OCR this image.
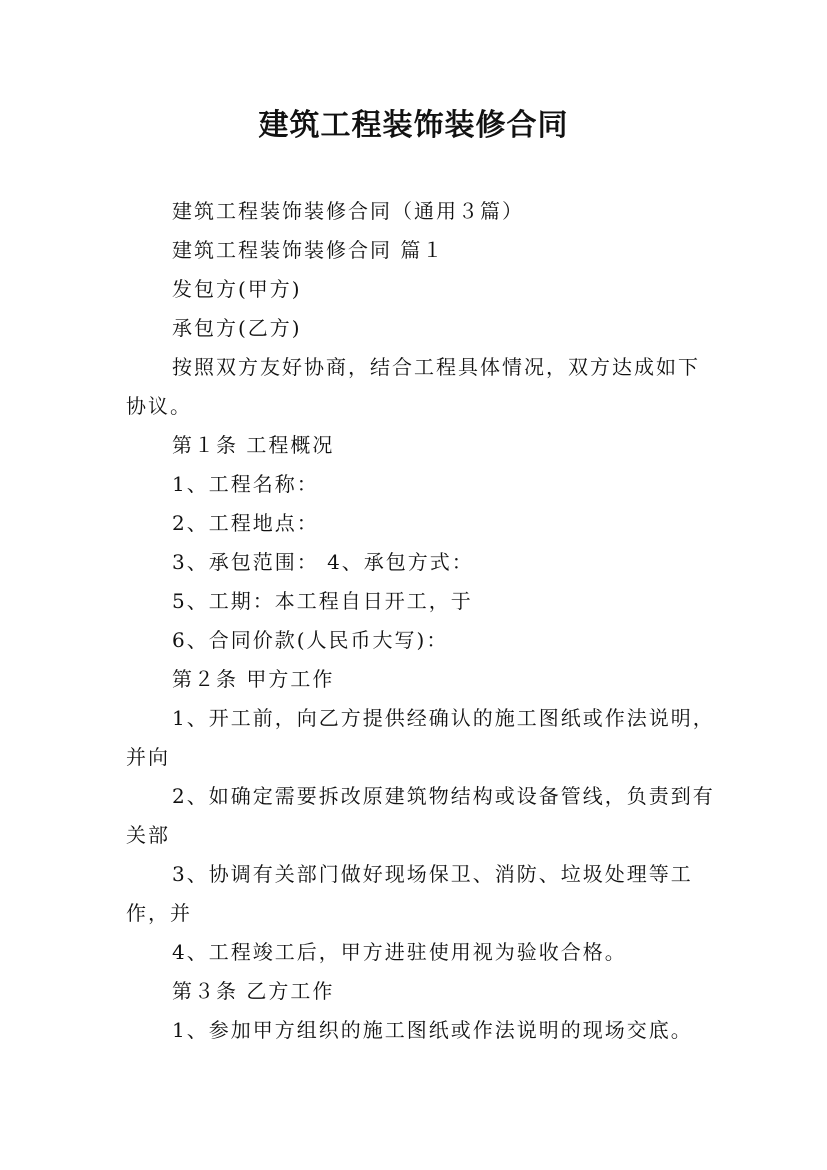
建筑工程装饰装修合同

建筑工程装饰装修合同（通用３篇）

建筑工程装饰装修合同 篇１

发包方(甲方)

承包方(乙方)

按照双方友好协商，结合工程具体情况，双方达成如下协议。

第１条 工程概况

1、工程名称：

2、工程地点：

3、承包范围： 4、承包方式：

5、工期：本工程自日开工，于

6、合同价款(人民币大写)：

第２条 甲方工作

1、开工前，向乙方提供经确认的施工图纸或作法说明，并向

2、如确定需要拆改原建筑物结构或设备管线，负责到有关部

3、协调有关部门做好现场保卫、消防、垃圾处理等工作，并

4、工程竣工后，甲方进驻使用视为验收合格。

第３条 乙方工作

1、参加甲方组织的施工图纸或作法说明的现场交底。
